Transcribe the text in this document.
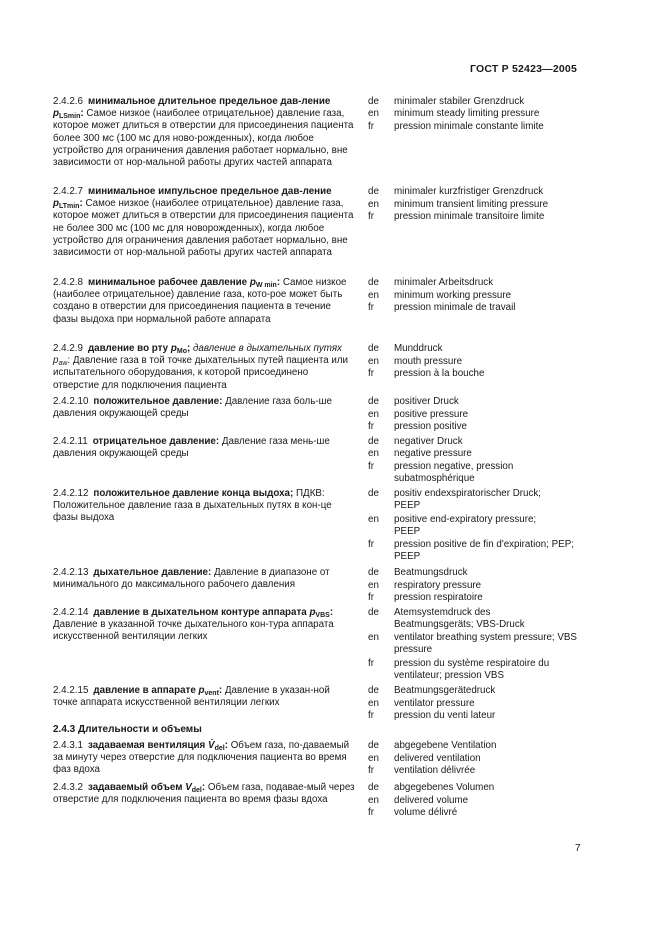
ГОСТ Р 52423—2005
2.4.2.6 минимальное длительное предельное дав-ление $p_{LSmin}$: Самое низкое (наиболее отрицательное) давление газа, которое может длиться в отверстии для присоединения пациента более 300 мс (100 мс для ново-рожденных), когда любое устройство для ограничения давления работает нормально, вне зависимости от нор-мальной работы других частей аппарата
de minimaler stabiler Grenzdruck
en minimum steady limiting pressure
fr pression minimale constante limite
2.4.2.7 минимальное импульсное предельное дав-ление $p_{LTmin}$: Самое низкое (наиболее отрицательное) давление газа, которое может длиться в отверстии для присоединения пациента не более 300 мс (100 мс для новорожденных), когда любое устройство для ограничения давления работает нормально, вне зависимости от нор-мальной работы других частей аппарата
de minimaler kurzfristiger Grenzdruck
en minimum transient limiting pressure
fr pression minimale transitoire limite
2.4.2.8 минимальное рабочее давление $p_{W min}$: Самое низкое (наиболее отрицательное) давление газа, кото-рое может быть создано в отверстии для присоединения пациента в течение фазы выдоха при нормальной работе аппарата
de minimaler Arbeitsdruck
en minimum working pressure
fr pression minimale de travail
2.4.2.9 давление во рту $p_{Mo}$; давление в дыхательных путях $p_{aw}$: Давление газа в той точке дыхательных путей пациента или испытательного оборудования, к которой присоединено отверстие для подключения пациента
de Munddruck
en mouth pressure
fr pression à la bouche
2.4.2.10 положительное давление: Давление газа боль-ше давления окружающей среды
de positiver Druck
en positive pressure
fr pression positive
2.4.2.11 отрицательное давление: Давление газа мень-ше давления окружающей среды
de negativer Druck
en negative pressure
fr pression negative, pression subatmosphérique
2.4.2.12 положительное давление конца выдоха; ПДКВ: Положительное давление газа в дыхательных путях в кон-це фазы выдоха
de positiv endexspiratorischer Druck; PEEP
en positive end-expiratory pressure; PEEP
fr pression positive de fin d'expiration; PEP; PEEP
2.4.2.13 дыхательное давление: Давление в диапазоне от минимального до максимального рабочего давления
de Beatmungsdruck
en respiratory pressure
fr pression respiratoire
2.4.2.14 давление в дыхательном контуре аппарата $p_{VBS}$: Давление в указанной точке дыхательного кон-тура аппарата искусственной вентиляции легких
de Atemsystemdruck des Beatmungsgeräts; VBS-Druck
en ventilator breathing system pressure; VBS pressure
fr pression du système respiratoire du ventilateur; pression VBS
2.4.2.15 давление в аппарате $p_{vent}$: Давление в указан-ной точке аппарата искусственной вентиляции легких
de Beatmungsgerätedruck
en ventilator pressure
fr pression du venti lateur
2.4.3 Длительности и объемы
2.4.3.1 задаваемая вентиляция $V̇_{del}$: Объем газа, по-даваемый за минуту через отверстие для подключения пациента во время фаз вдоха
de abgegebene Ventilation
en delivered ventilation
fr ventilation délivrée
2.4.3.2 задаваемый объем $V_{del}$: Объем газа, подавае-мый через отверстие для подключения пациента во время фазы вдоха
de abgegebenes Volumen
en delivered volume
fr volume délivré
7
